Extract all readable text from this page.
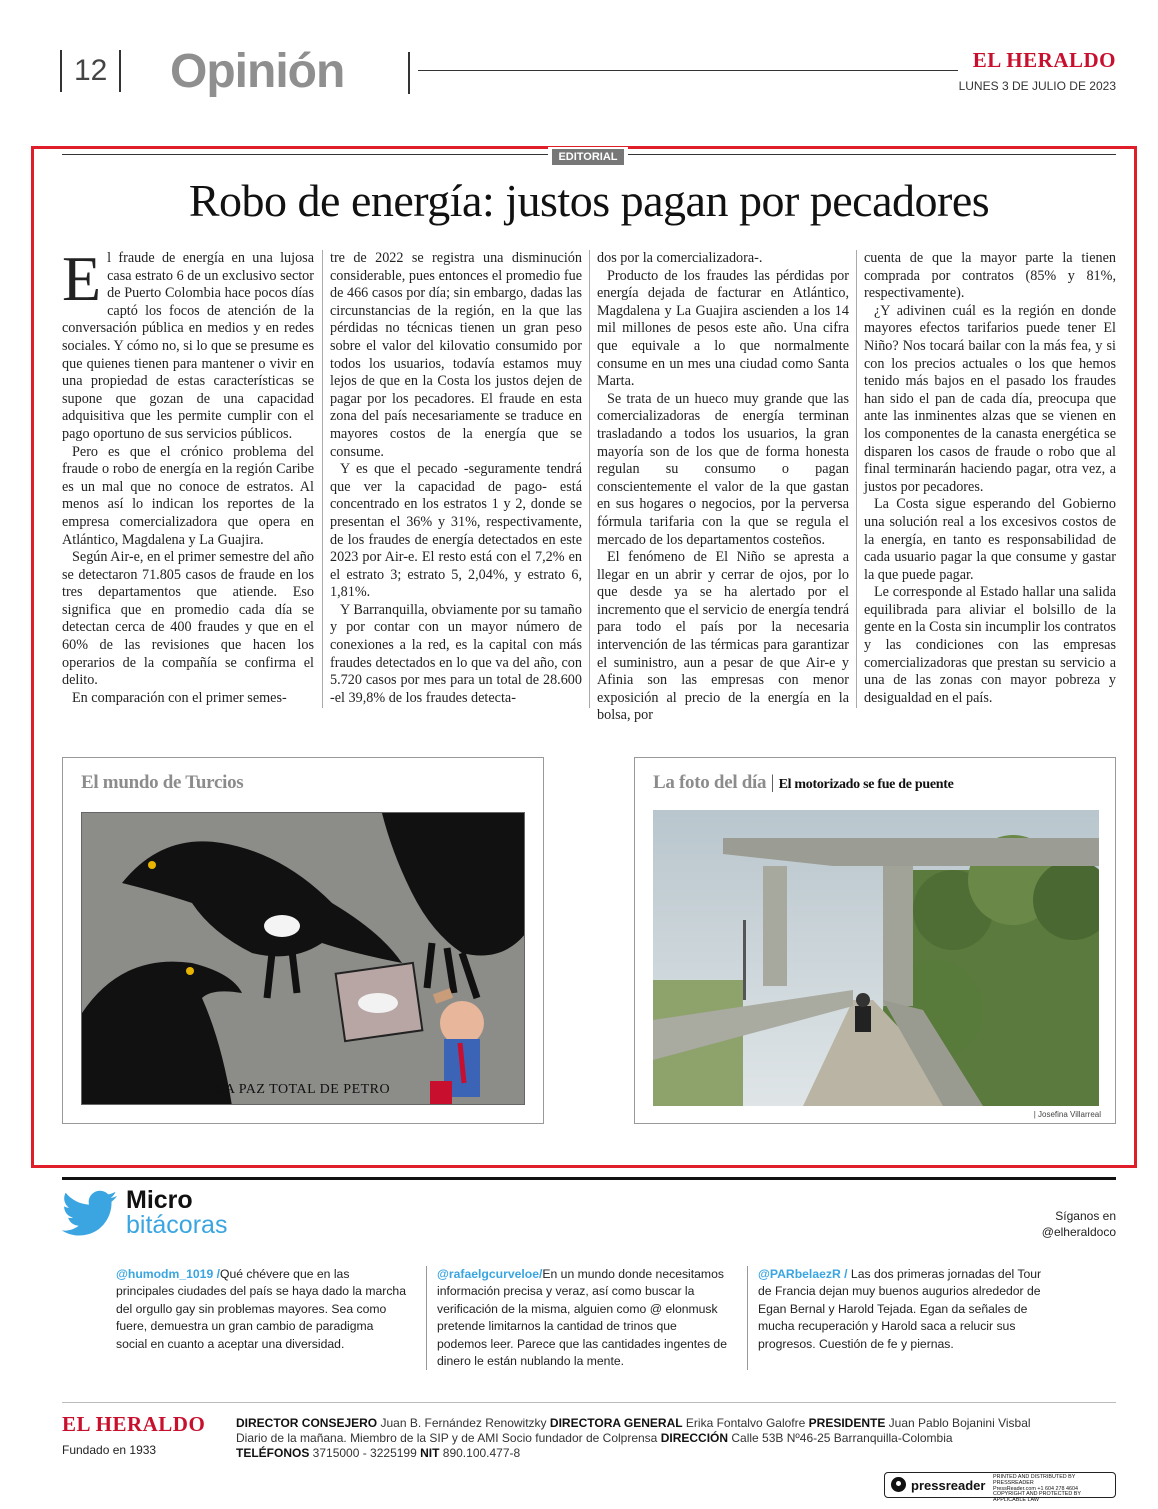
12 Opinión	EL HERALDO
LUNES 3 DE JULIO DE 2023
EDITORIAL
Robo de energía: justos pagan por pecadores

El fraude de energía en una lujosa casa estrato 6 de un exclusivo sector de Puerto Colombia hace pocos días captó los focos de atención de la conversación pública en medios y en redes sociales. Y cómo no, si lo que se presume es que quienes tienen para mantener o vivir en una propiedad de estas características se supone que gozan de una capacidad adquisitiva que les permite cumplir con el pago oportuno de sus servicios públicos.

Pero es que el crónico problema del fraude o robo de energía en la región Caribe es un mal que no conoce de estratos. Al menos así lo indican los reportes de la empresa comercializadora que opera en Atlántico, Magdalena y La Guajira.

Según Air-e, en el primer semestre del año se detectaron 71.805 casos de fraude en los tres departamentos que atiende. Eso significa que en promedio cada día se detectan cerca de 400 fraudes y que en el 60% de las revisiones que hacen los operarios de la compañía se confirma el delito.

En comparación con el primer semes-

tre de 2022 se registra una disminución considerable, pues entonces el promedio fue de 466 casos por día; sin embargo, dadas las circunstancias de la región, en la que las pérdidas no técnicas tienen un gran peso sobre el valor del kilovatio consumido por todos los usuarios, todavía estamos muy lejos de que en la Costa los justos dejen de pagar por los pecadores. El fraude en esta zona del país necesariamente se traduce en mayores costos de la energía que se consume.

Y es que el pecado -seguramente tendrá que ver la capacidad de pago- está concentrado en los estratos 1 y 2, donde se presentan el 36% y 31%, respectivamente, de los fraudes de energía detectados en este 2023 por Air-e. El resto está con el 7,2% en el estrato 3; estrato 5, 2,04%, y estrato 6, 1,81%.

Y Barranquilla, obviamente por su tamaño y por contar con un mayor número de conexiones a la red, es la capital con más fraudes detectados en lo que va del año, con 5.720 casos por mes para un total de 28.600 -el 39,8% de los fraudes detecta-

dos por la comercializadora-.

Producto de los fraudes las pérdidas por energía dejada de facturar en Atlántico, Magdalena y La Guajira ascienden a los 14 mil millones de pesos este año. Una cifra que equivale a lo que normalmente consume en un mes una ciudad como Santa Marta.

Se trata de un hueco muy grande que las comercializadoras de energía terminan trasladando a todos los usuarios, la gran mayoría son de los que de forma honesta regulan su consumo o pagan conscientemente el valor de la que gastan en sus hogares o negocios, por la perversa fórmula tarifaria con la que se regula el mercado de los departamentos costeños.

El fenómeno de El Niño se apresta a llegar en un abrir y cerrar de ojos, por lo que desde ya se ha alertado por el incremento que el servicio de energía tendrá para todo el país por la necesaria intervención de las térmicas para garantizar el suministro, aun a pesar de que Air-e y Afinia son las empresas con menor exposición al precio de la energía en la bolsa, por

cuenta de que la mayor parte la tienen comprada por contratos (85% y 81%, respectivamente).

¿Y adivinen cuál es la región en donde mayores efectos tarifarios puede tener El Niño? Nos tocará bailar con la más fea, y si con los precios actuales o los que hemos tenido más bajos en el pasado los fraudes han sido el pan de cada día, preocupa que ante las inminentes alzas que se vienen en los componentes de la canasta energética se disparen los casos de fraude o robo que al final terminarán haciendo pagar, otra vez, a justos por pecadores.

La Costa sigue esperando del Gobierno una solución real a los excesivos costos de la energía, en tanto es responsabilidad de cada usuario pagar la que consume y gastar la que puede pagar.

Le corresponde al Estado hallar una salida equilibrada para aliviar el bolsillo de la gente en la Costa sin incumplir los contratos y las condiciones con las empresas comercializadoras que prestan su servicio a una de las zonas con mayor pobreza y desigualdad en el país.

El mundo de Turcios
LA PAZ TOTAL DE PETRO
La foto del día | El motorizado se fue de puente
| Josefina Villarreal
Micro
bitácoras	Síganos en
@elheraldoco
@humodm_1019 /Qué chévere que en las principales ciudades del país se haya dado la marcha del orgullo gay sin problemas mayores. Sea como fuere, demuestra un gran cambio de paradigma social en cuanto a aceptar una diversidad.
@rafaelgcurveloe/En un mundo donde necesitamos información precisa y veraz, así como buscar la verificación de la misma, alguien como @ elonmusk pretende limitarnos la cantidad de trinos que podemos leer. Parece que las cantidades ingentes de dinero le están nublando la mente.
@PARbelaezR / Las dos primeras jornadas del Tour de Francia dejan muy buenos augurios alrededor de Egan Bernal y Harold Tejada. Egan da señales de mucha recuperación y Harold saca a relucir sus progresos. Cuestión de fe y piernas.
EL HERALDO
Fundado en 1933
DIRECTOR CONSEJERO Juan B. Fernández Renowitzky DIRECTORA GENERAL Erika Fontalvo Galofre PRESIDENTE Juan Pablo Bojanini Visbal
Diario de la mañana. Miembro de la SIP y de AMI Socio fundador de Colprensa DIRECCIÓN Calle 53B Nº46-25 Barranquilla-Colombia
TELÉFONOS 3715000 - 3225199 NIT 890.100.477-8
pressreader
PRINTED AND DISTRIBUTED BY PRESSREADER
PressReader.com +1 604 278 4604
COPYRIGHT AND PROTECTED BY APPLICABLE LAW
